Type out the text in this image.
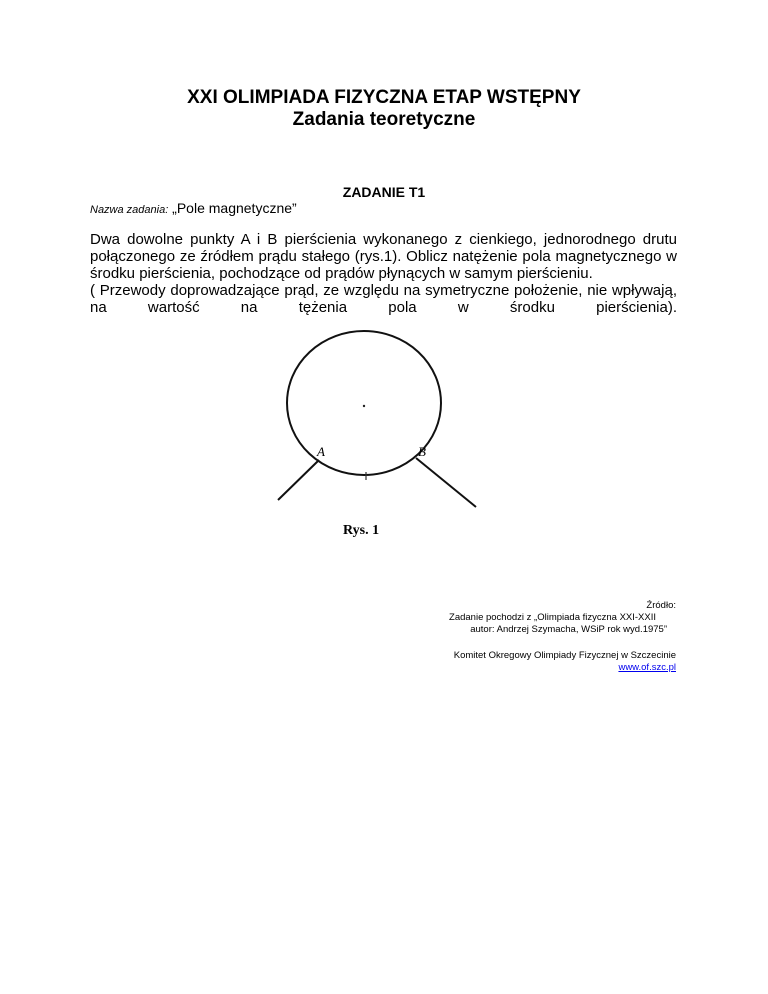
XXI OLIMPIADA FIZYCZNA ETAP WSTĘPNY
Zadania teoretyczne
ZADANIE T1
Nazwa zadania: „Pole magnetyczne”

Dwa dowolne punkty A i B pierścienia wykonanego z cienkiego, jednorodnego drutu połączonego ze źródłem prądu stałego (rys.1). Oblicz natężenie pola magnetycznego w środku pierścienia, pochodzące od prądów płynących w samym pierścieniu.

( Przewody doprowadzające prąd, ze względu na symetryczne położenie, nie wpływają, na wartość na tężenia pola w środku pierścienia).

A	B
Rys. 1
Źródło:
Zadanie pochodzi z „Olimpiada fizyczna XXI-XXII
autor: Andrzej Szymacha, WSiP rok wyd.1975”
Komitet Okregowy Olimpiady Fizycznej w Szczecinie
www.of.szc.pl
